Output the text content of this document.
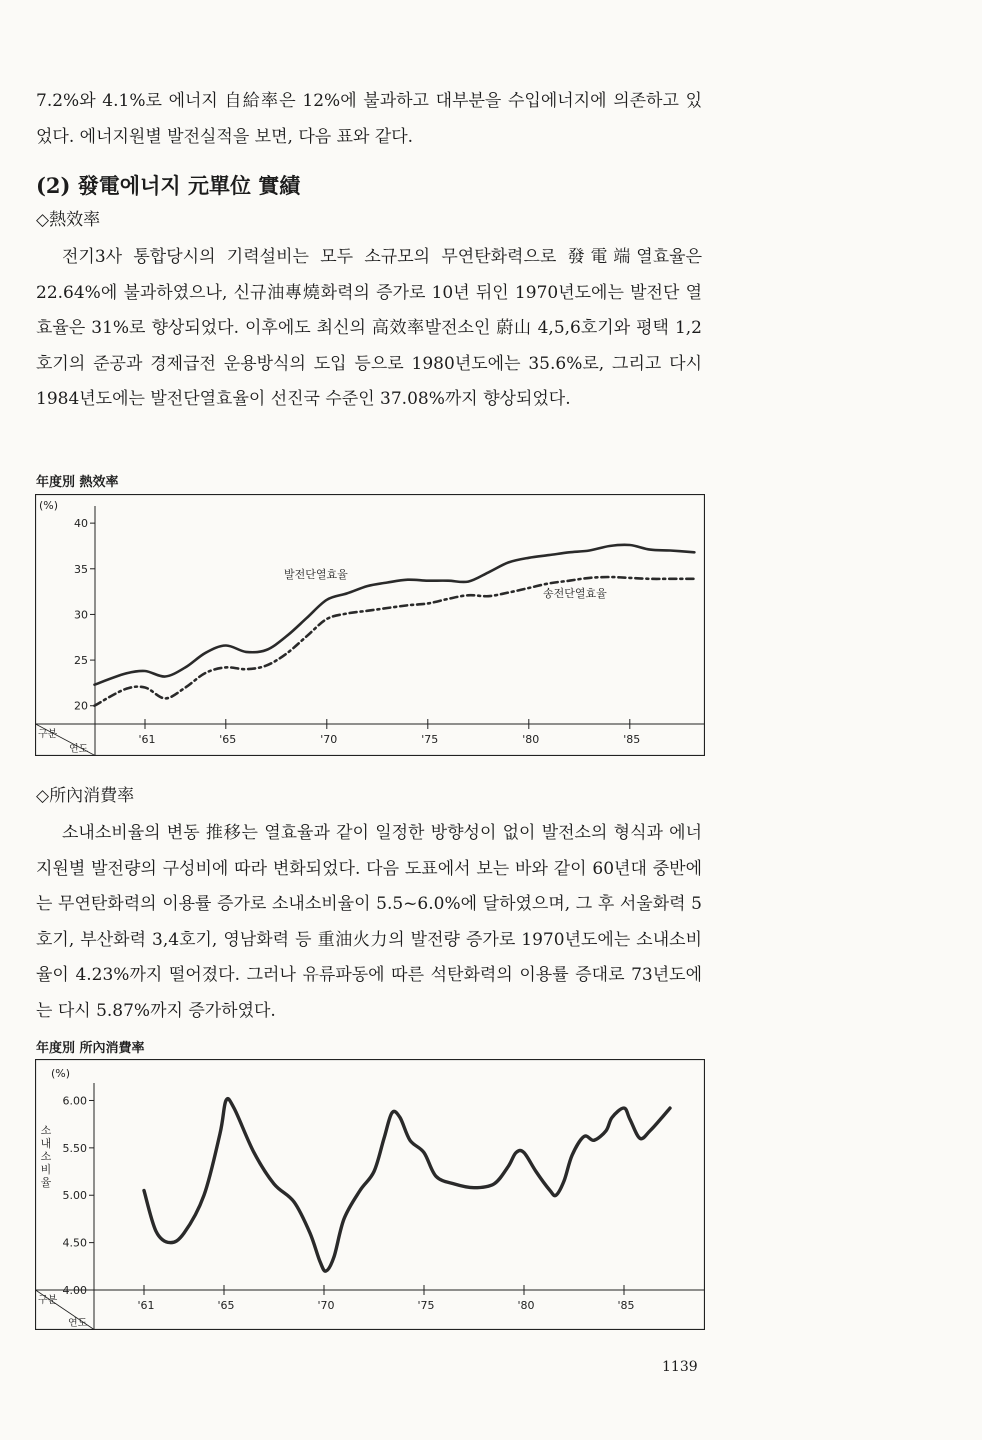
7.2%와 4.1%로 에너지 自給率은 12%에 불과하고 대부분을 수입에너지에 의존하고 있었다. 에너지원별 발전실적을 보면, 다음 표와 같다.
(2) 發電에너지 元單位 實績
◇熱效率
전기3사 통합당시의 기력설비는 모두 소규모의 무연탄화력으로 發電端열효율은 22.64%에 불과하였으나, 신규油專燒화력의 증가로 10년 뒤인 1970년도에는 발전단 열효율은 31%로 향상되었다. 이후에도 최신의 高效率발전소인 蔚山 4,5,6호기와 평택 1,2호기의 준공과 경제급전 운용방식의 도입 등으로 1980년도에는 35.6%로, 그리고 다시 1984년도에는 발전단열효율이 선진국 수준인 37.08%까지 향상되었다.
年度別 熱效率
구분
연도
(%)
20
25
30
35
40
'61	'65	'70	'75	'80	'85
발전단열효율
송전단열효율
◇所內消費率
소내소비율의 변동 推移는 열효율과 같이 일정한 방향성이 없이 발전소의 형식과 에너지원별 발전량의 구성비에 따라 변화되었다. 다음 도표에서 보는 바와 같이 60년대 중반에는 무연탄화력의 이용률 증가로 소내소비율이 5.5~6.0%에 달하였으며, 그 후 서울화력 5호기, 부산화력 3,4호기, 영남화력 등 重油火力의 발전량 증가로 1970년도에는 소내소비율이 4.23%까지 떨어졌다. 그러나 유류파동에 따른 석탄화력의 이용률 증대로 73년도에는 다시 5.87%까지 증가하였다.
年度別 所內消費率
구분
연도
(%)
6.00
5.50
5.00
4.50
4.00
'61	'65	'70	'75	'80	'85
소 내 소 비 율
1139
